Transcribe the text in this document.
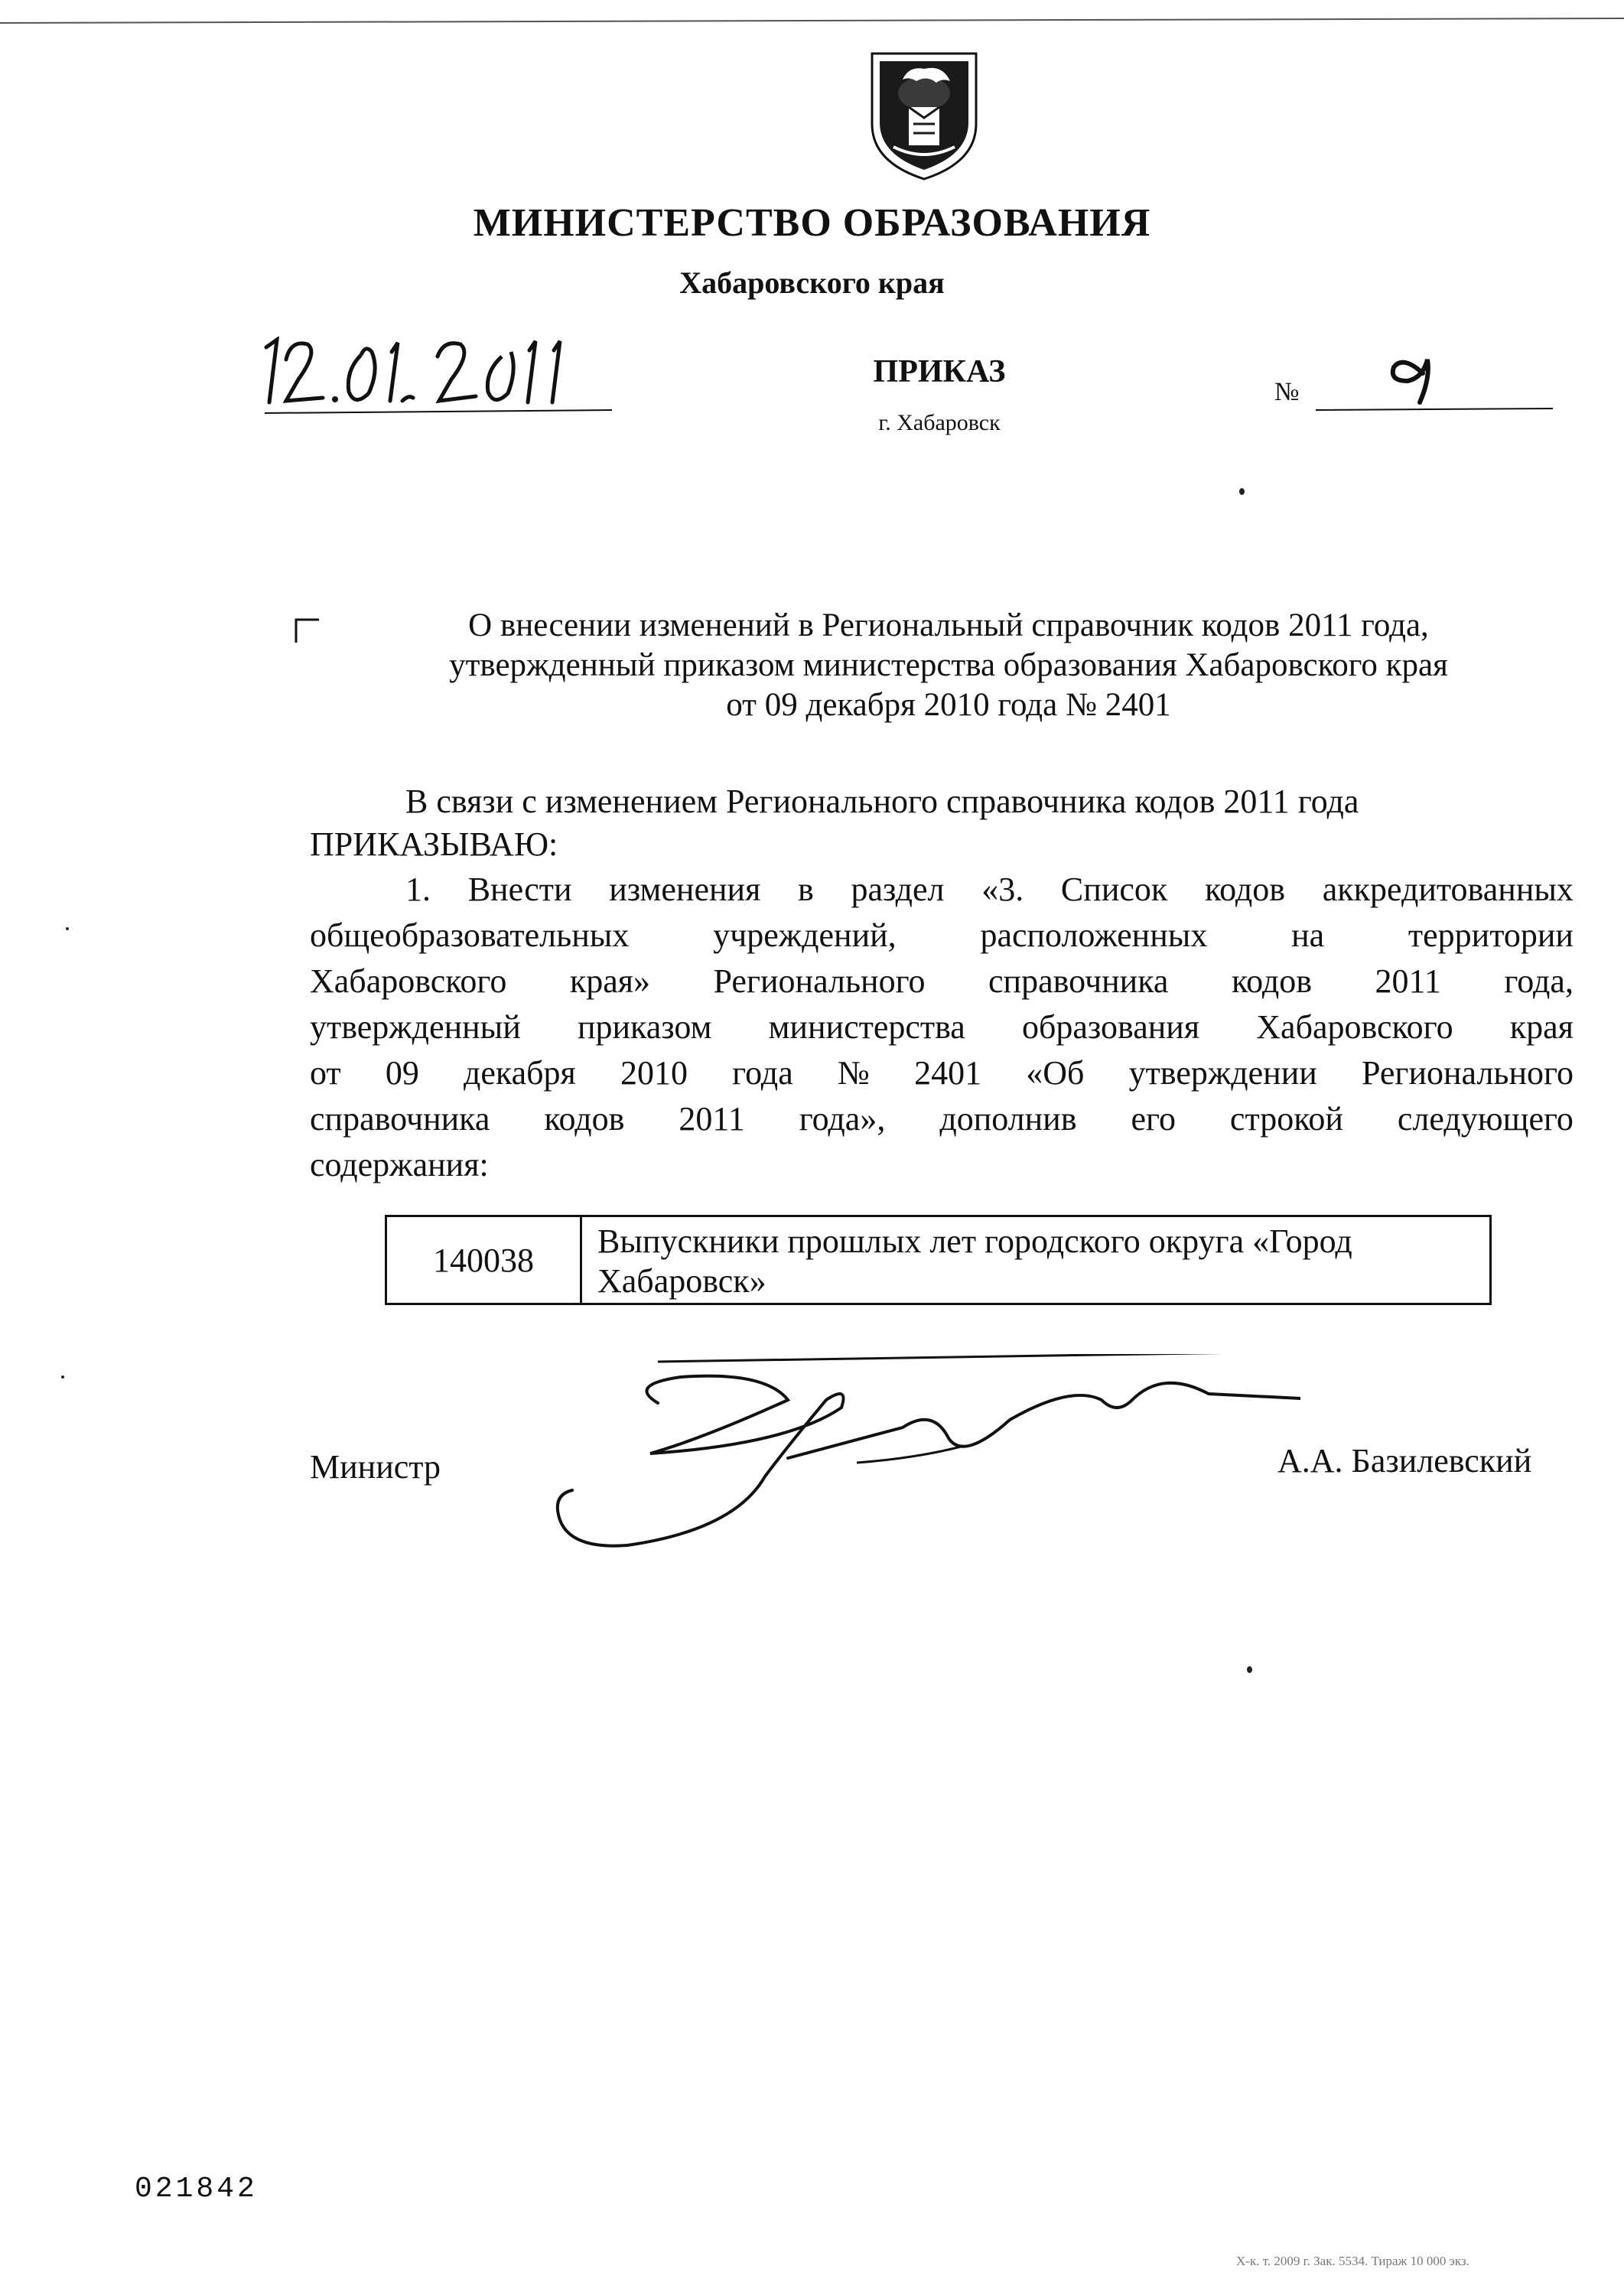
МИНИСТЕРСТВО ОБРАЗОВАНИЯ
Хабаровского края
ПРИКАЗ
г. Хабаровск
№
О внесении изменений в Региональный справочник кодов 2011 года,
утвержденный приказом министерства образования Хабаровского края
от 09 декабря 2010 года № 2401
В связи с изменением Регионального справочника кодов 2011 года
ПРИКАЗЫВАЮ:
1. Внести изменения в раздел «3. Список кодов аккредитованных
общеобразовательных учреждений, расположенных на территории
Хабаровского края» Регионального справочника кодов 2011 года,
утвержденный приказом министерства образования Хабаровского края
от 09 декабря 2010 года № 2401 «Об утверждении Регионального
справочника кодов 2011 года», дополнив его строкой следующего
содержания:
140038	Выпускники прошлых лет городского округа «Город Хабаровск»
Министр	А.А. Базилевский
021842
Х-к. т. 2009 г. Зак. 5534. Тираж 10 000 экз.
